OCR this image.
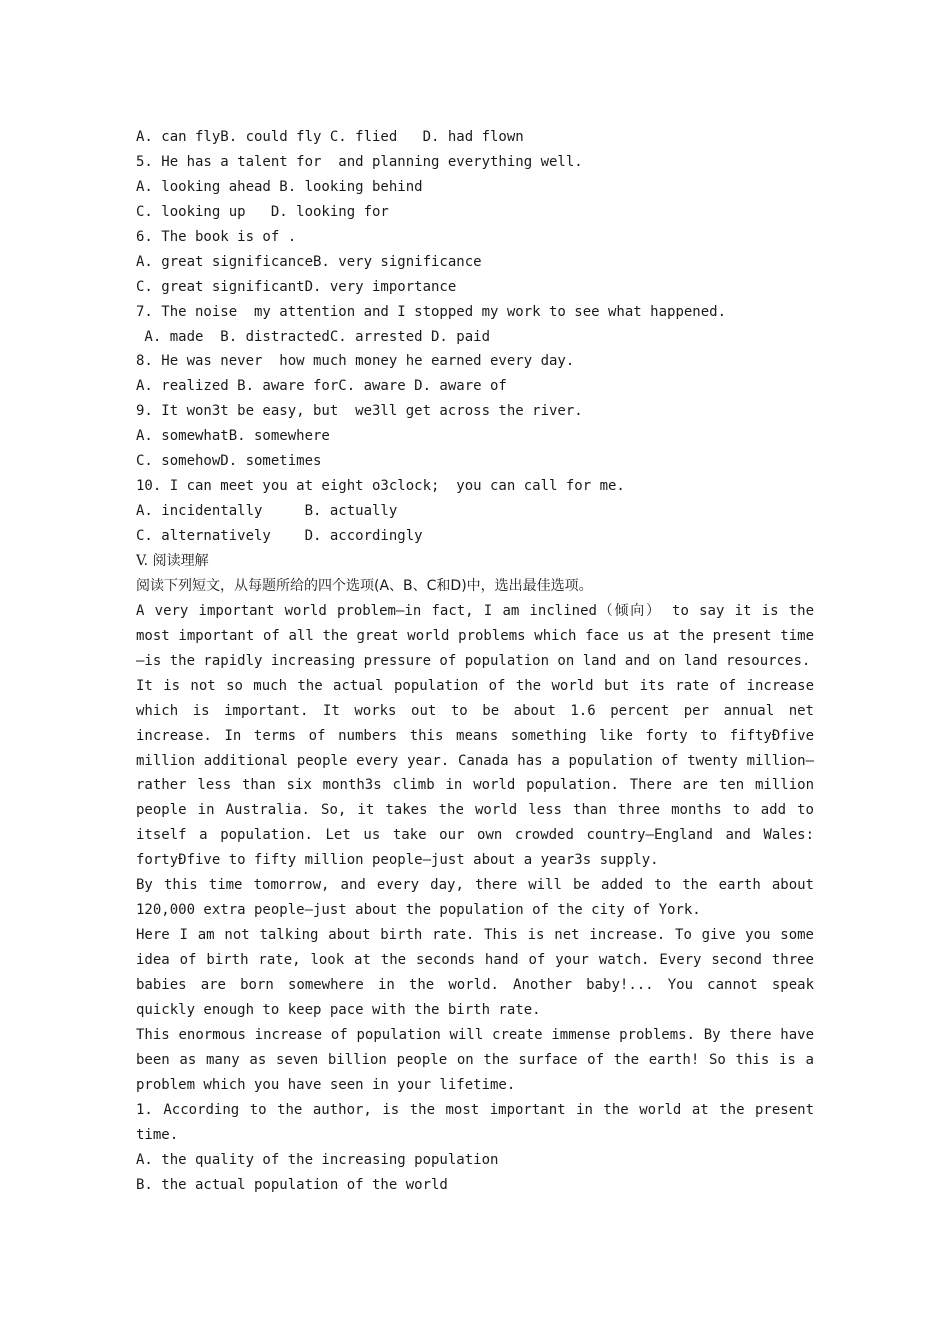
A. can flyB. could fly C. flied   D. had flown
5. He has a talent for  and planning everything well.
A. looking ahead B. looking behind
C. looking up   D. looking for
6. The book is of .
A. great significanceB. very significance
C. great significantD. very importance
7. The noise  my attention and I stopped my work to see what happened.
A. made  B. distractedC. arrested D. paid
8. He was never  how much money he earned every day.
A. realized B. aware forC. aware D. aware of
9. It won3t be easy, but  we3ll get across the river.
A. somewhatB. somewhere
C. somehowD. sometimes
10. I can meet you at eight o3clock;  you can call for me.
A. incidentally     B. actually
C. alternatively    D. accordingly
V. 阅读理解
阅读下列短文，从每题所给的四个选项(A、B、C和D)中，选出最佳选项。
A very important world problem—in fact, I am inclined（倾向） to say it is the most important of all the great world problems which face us at the present time—is the rapidly increasing pressure of population on land and on land resources.
It is not so much the actual population of the world but its rate of increase which is important. It works out to be about 1.6 percent per annual net increase. In terms of numbers this means something like forty to fiftyÐfive million additional people every year. Canada has a population of twenty million—rather less than six month3s climb in world population. There are ten million people in Australia. So, it takes the world less than three months to add to itself a population. Let us take our own crowded country—England and Wales: fortyÐfive to fifty million people—just about a year3s supply.
By this time tomorrow, and every day, there will be added to the earth about 120,000 extra people—just about the population of the city of York.
Here I am not talking about birth rate. This is net increase. To give you some idea of birth rate, look at the seconds hand of your watch. Every second three babies are born somewhere in the world. Another baby!... You cannot speak quickly enough to keep pace with the birth rate.
This enormous increase of population will create immense problems. By there have been as many as seven billion people on the surface of the earth! So this is a problem which you have seen in your lifetime.
1. According to the author, is the most important in the world at the present time.
A. the quality of the increasing population
B. the actual population of the world
